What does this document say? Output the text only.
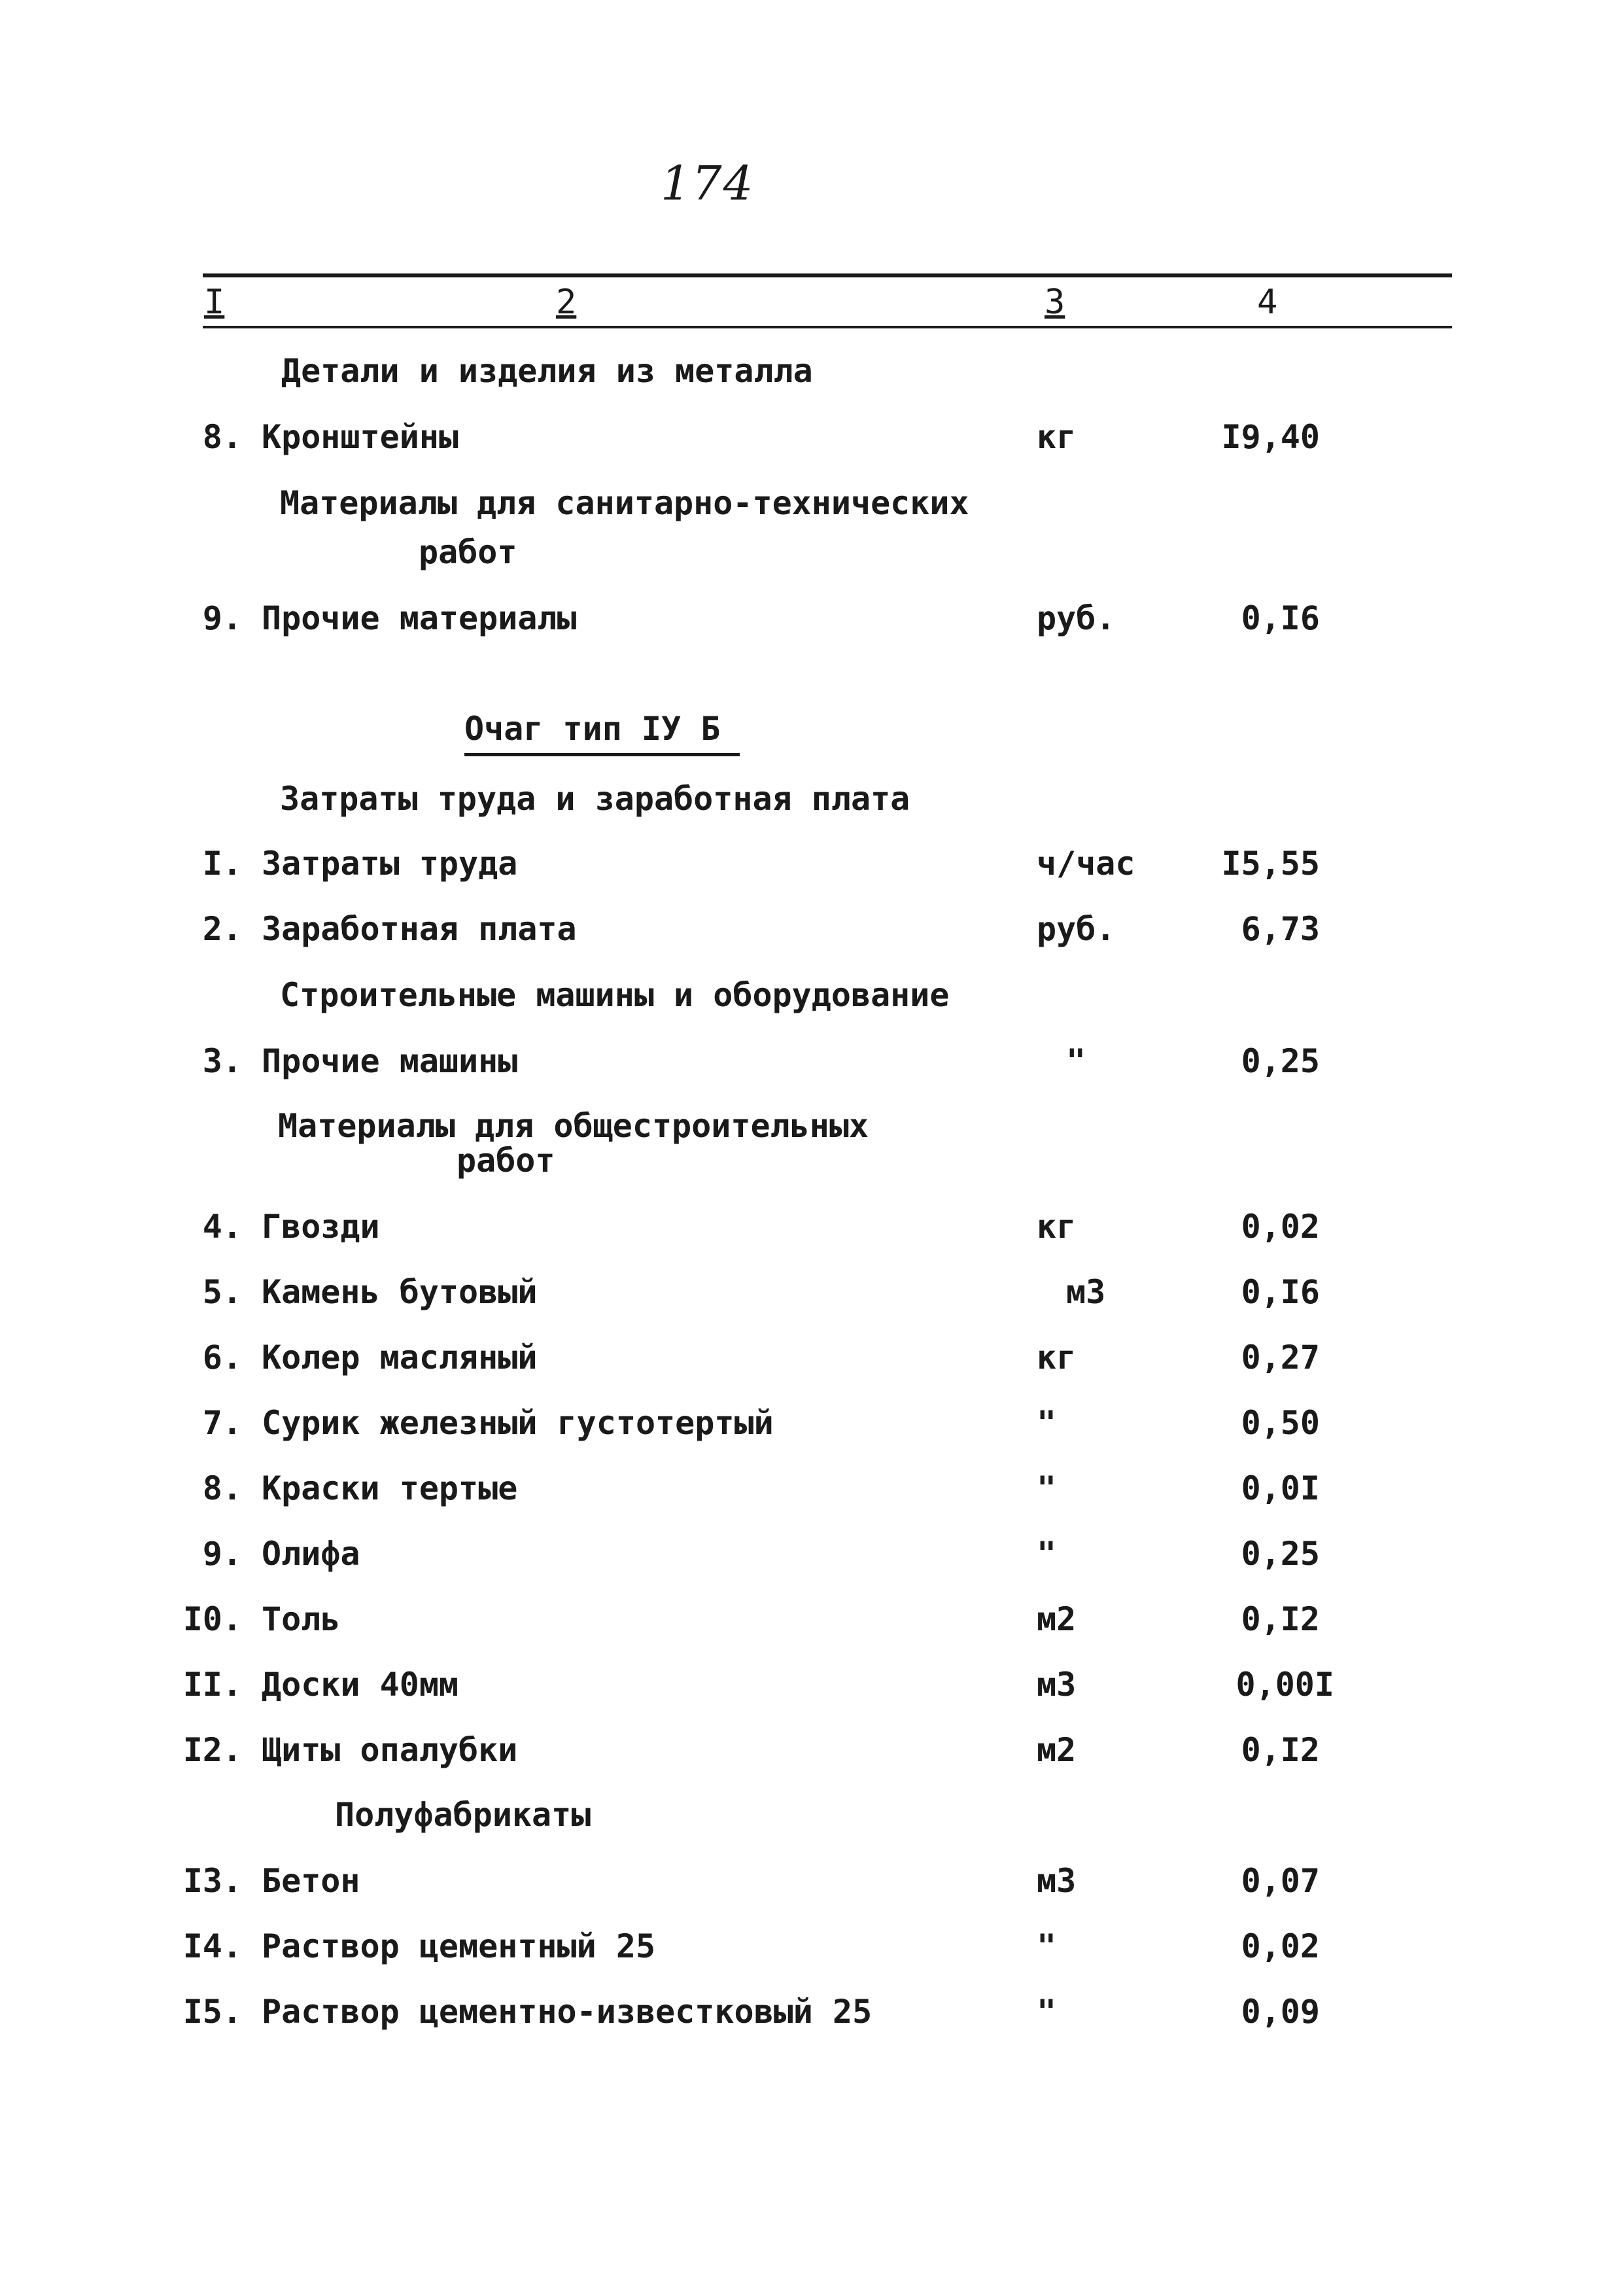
174
I	2	3	4
Детали и изделия из металла
8. Кронштейны	кг	I9,40
Материалы для санитарно-технических
работ
9. Прочие материалы	руб.	0,I6
Очаг тип IУ Б
Затраты труда и заработная плата
I. Затраты труда	ч/час	I5,55
2. Заработная плата	руб.	6,73
Строительные машины и оборудование
3. Прочие машины	"	0,25
Материалы для общестроительных
работ
4. Гвозди	кг	0,02
5. Камень бутовый	м3	0,I6
6. Колер масляный	кг	0,27
7. Сурик железный густотертый	"	0,50
8. Краски тертые	"	0,0I
9. Олифа	"	0,25
I0. Толь	м2	0,I2
II. Доски 40мм	м3	0,00I
I2. Щиты опалубки	м2	0,I2
Полуфабрикаты
I3. Бетон	м3	0,07
I4. Раствор цементный 25	"	0,02
I5. Раствор цементно-известковый 25	"	0,09
